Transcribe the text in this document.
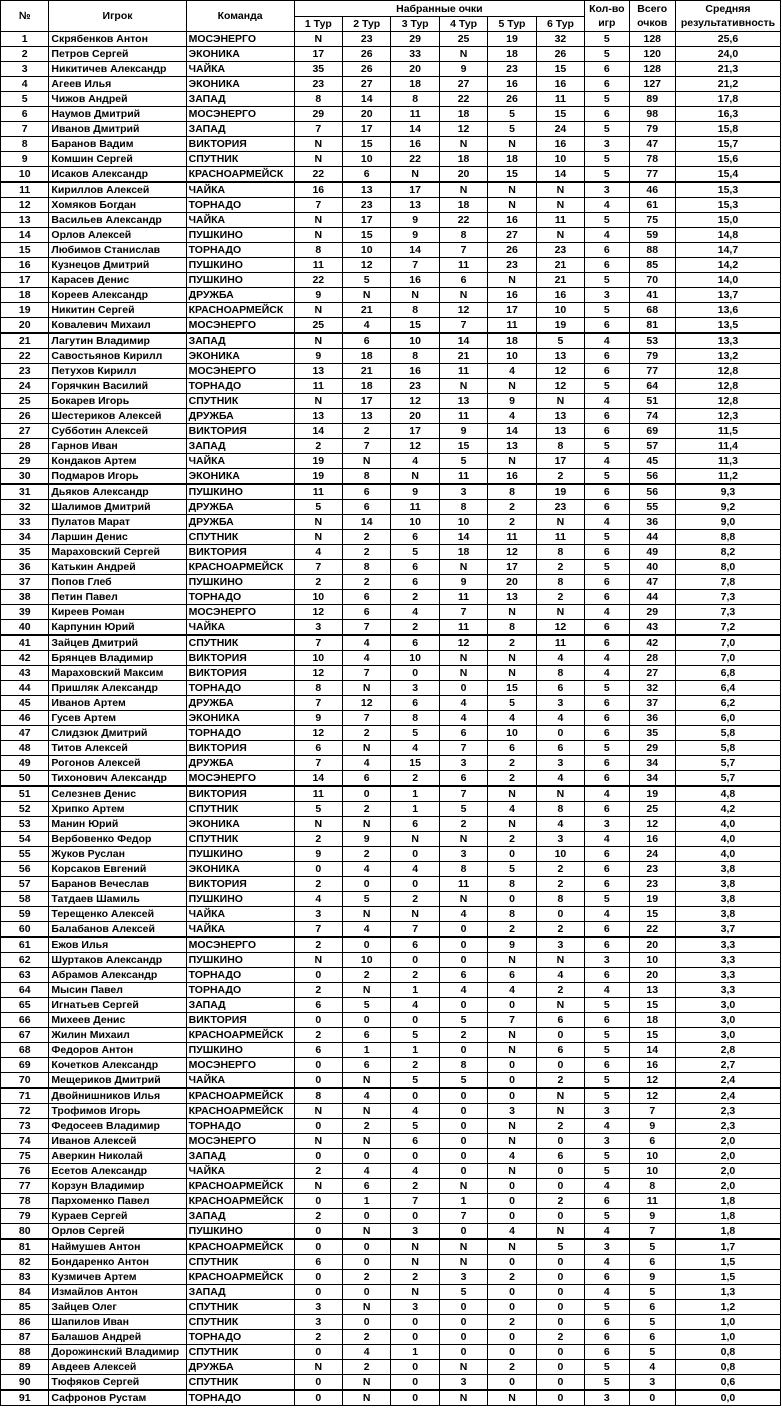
№	Игрок	Команда	Набранные очки						Кол-во игр	Всего очков	Средняя результативность
			1 Тур	2 Тур	3 Тур	4 Тур	5 Тур	6 Тур			
1	Скрябенков Антон	МОСЭНЕРГО	N	23	29	25	19	32	5	128	25,6
2	Петров Сергей	ЭКОНИКА	17	26	33	N	18	26	5	120	24,0
3	Никитичев Александр	ЧАЙКА	35	26	20	9	23	15	6	128	21,3
4	Агеев Илья	ЭКОНИКА	23	27	18	27	16	16	6	127	21,2
5	Чижов Андрей	ЗАПАД	8	14	8	22	26	11	5	89	17,8
6	Наумов Дмитрий	МОСЭНЕРГО	29	20	11	18	5	15	6	98	16,3
7	Иванов Дмитрий	ЗАПАД	7	17	14	12	5	24	5	79	15,8
8	Баранов Вадим	ВИКТОРИЯ	N	15	16	N	N	16	3	47	15,7
9	Комшин Сергей	СПУТНИК	N	10	22	18	18	10	5	78	15,6
10	Исаков Александр	КРАСНОАРМЕЙСК	22	6	N	20	15	14	5	77	15,4
11	Кириллов Алексей	ЧАЙКА	16	13	17	N	N	N	3	46	15,3
12	Хомяков Богдан	ТОРНАДО	7	23	13	18	N	N	4	61	15,3
13	Васильев Александр	ЧАЙКА	N	17	9	22	16	11	5	75	15,0
14	Орлов Алексей	ПУШКИНО	N	15	9	8	27	N	4	59	14,8
15	Любимов Станислав	ТОРНАДО	8	10	14	7	26	23	6	88	14,7
16	Кузнецов Дмитрий	ПУШКИНО	11	12	7	11	23	21	6	85	14,2
17	Карасев Денис	ПУШКИНО	22	5	16	6	N	21	5	70	14,0
18	Кореев Александр	ДРУЖБА	9	N	N	N	16	16	3	41	13,7
19	Никитин Сергей	КРАСНОАРМЕЙСК	N	21	8	12	17	10	5	68	13,6
20	Ковалевич Михаил	МОСЭНЕРГО	25	4	15	7	11	19	6	81	13,5
21	Лагутин Владимир	ЗАПАД	N	6	10	14	18	5	4	53	13,3
22	Савостьянов Кирилл	ЭКОНИКА	9	18	8	21	10	13	6	79	13,2
23	Петухов Кирилл	МОСЭНЕРГО	13	21	16	11	4	12	6	77	12,8
24	Горячкин Василий	ТОРНАДО	11	18	23	N	N	12	5	64	12,8
25	Бокарев Игорь	СПУТНИК	N	17	12	13	9	N	4	51	12,8
26	Шестериков Алексей	ДРУЖБА	13	13	20	11	4	13	6	74	12,3
27	Субботин Алексей	ВИКТОРИЯ	14	2	17	9	14	13	6	69	11,5
28	Гарнов Иван	ЗАПАД	2	7	12	15	13	8	5	57	11,4
29	Кондаков Артем	ЧАЙКА	19	N	4	5	N	17	4	45	11,3
30	Подмаров Игорь	ЭКОНИКА	19	8	N	11	16	2	5	56	11,2
31	Дьяков Александр	ПУШКИНО	11	6	9	3	8	19	6	56	9,3
32	Шалимов Дмитрий	ДРУЖБА	5	6	11	8	2	23	6	55	9,2
33	Пулатов Марат	ДРУЖБА	N	14	10	10	2	N	4	36	9,0
34	Ларшин Денис	СПУТНИК	N	2	6	14	11	11	5	44	8,8
35	Мараховский Сергей	ВИКТОРИЯ	4	2	5	18	12	8	6	49	8,2
36	Катькин Андрей	КРАСНОАРМЕЙСК	7	8	6	N	17	2	5	40	8,0
37	Попов Глеб	ПУШКИНО	2	2	6	9	20	8	6	47	7,8
38	Петин Павел	ТОРНАДО	10	6	2	11	13	2	6	44	7,3
39	Киреев Роман	МОСЭНЕРГО	12	6	4	7	N	N	4	29	7,3
40	Карпунин Юрий	ЧАЙКА	3	7	2	11	8	12	6	43	7,2
41	Зайцев Дмитрий	СПУТНИК	7	4	6	12	2	11	6	42	7,0
42	Брянцев Владимир	ВИКТОРИЯ	10	4	10	N	N	4	4	28	7,0
43	Мараховский Максим	ВИКТОРИЯ	12	7	0	N	N	8	4	27	6,8
44	Пришляк Александр	ТОРНАДО	8	N	3	0	15	6	5	32	6,4
45	Иванов Артем	ДРУЖБА	7	12	6	4	5	3	6	37	6,2
46	Гусев Артем	ЭКОНИКА	9	7	8	4	4	4	6	36	6,0
47	Слидзюк Дмитрий	ТОРНАДО	12	2	5	6	10	0	6	35	5,8
48	Титов Алексей	ВИКТОРИЯ	6	N	4	7	6	6	5	29	5,8
49	Рогонов Алексей	ДРУЖБА	7	4	15	3	2	3	6	34	5,7
50	Тихонович Александр	МОСЭНЕРГО	14	6	2	6	2	4	6	34	5,7
51	Селезнев Денис	ВИКТОРИЯ	11	0	1	7	N	N	4	19	4,8
52	Хрипко Артем	СПУТНИК	5	2	1	5	4	8	6	25	4,2
53	Манин Юрий	ЭКОНИКА	N	N	6	2	N	4	3	12	4,0
54	Вербовенко Федор	СПУТНИК	2	9	N	N	2	3	4	16	4,0
55	Жуков Руслан	ПУШКИНО	9	2	0	3	0	10	6	24	4,0
56	Корсаков Евгений	ЭКОНИКА	0	4	4	8	5	2	6	23	3,8
57	Баранов Вечеслав	ВИКТОРИЯ	2	0	0	11	8	2	6	23	3,8
58	Татдаев Шамиль	ПУШКИНО	4	5	2	N	0	8	5	19	3,8
59	Терещенко Алексей	ЧАЙКА	3	N	N	4	8	0	4	15	3,8
60	Балабанов Алексей	ЧАЙКА	7	4	7	0	2	2	6	22	3,7
61	Ежов Илья	МОСЭНЕРГО	2	0	6	0	9	3	6	20	3,3
62	Шуртаков Александр	ПУШКИНО	N	10	0	0	N	N	3	10	3,3
63	Абрамов Александр	ТОРНАДО	0	2	2	6	6	4	6	20	3,3
64	Мысин Павел	ТОРНАДО	2	N	1	4	4	2	4	13	3,3
65	Игнатьев Сергей	ЗАПАД	6	5	4	0	0	N	5	15	3,0
66	Михеев Денис	ВИКТОРИЯ	0	0	0	5	7	6	6	18	3,0
67	Жилин Михаил	КРАСНОАРМЕЙСК	2	6	5	2	N	0	5	15	3,0
68	Федоров Антон	ПУШКИНО	6	1	1	0	N	6	5	14	2,8
69	Кочетков Александр	МОСЭНЕРГО	0	6	2	8	0	0	6	16	2,7
70	Мещериков Дмитрий	ЧАЙКА	0	N	5	5	0	2	5	12	2,4
71	Двойнишников Илья	КРАСНОАРМЕЙСК	8	4	0	0	0	N	5	12	2,4
72	Трофимов Игорь	КРАСНОАРМЕЙСК	N	N	4	0	3	N	3	7	2,3
73	Федосеев Владимир	ТОРНАДО	0	2	5	0	N	2	4	9	2,3
74	Иванов Алексей	МОСЭНЕРГО	N	N	6	0	N	0	3	6	2,0
75	Аверкин Николай	ЗАПАД	0	0	0	0	4	6	5	10	2,0
76	Есетов Александр	ЧАЙКА	2	4	4	0	N	0	5	10	2,0
77	Корзун Владимир	КРАСНОАРМЕЙСК	N	6	2	N	0	0	4	8	2,0
78	Пархоменко Павел	КРАСНОАРМЕЙСК	0	1	7	1	0	2	6	11	1,8
79	Кураев Сергей	ЗАПАД	2	0	0	7	0	0	5	9	1,8
80	Орлов Сергей	ПУШКИНО	0	N	3	0	4	N	4	7	1,8
81	Наймушев Антон	КРАСНОАРМЕЙСК	0	0	N	N	N	5	3	5	1,7
82	Бондаренко Антон	СПУТНИК	6	0	N	N	0	0	4	6	1,5
83	Кузмичев Артем	КРАСНОАРМЕЙСК	0	2	2	3	2	0	6	9	1,5
84	Измайлов Антон	ЗАПАД	0	0	N	5	0	0	4	5	1,3
85	Зайцев Олег	СПУТНИК	3	N	3	0	0	0	5	6	1,2
86	Шапилов Иван	СПУТНИК	3	0	0	0	2	0	6	5	1,0
87	Балашов Андрей	ТОРНАДО	2	2	0	0	0	2	6	6	1,0
88	Дорожинский Владимир	СПУТНИК	0	4	1	0	0	0	6	5	0,8
89	Авдеев Алексей	ДРУЖБА	N	2	0	N	2	0	5	4	0,8
90	Тюфяков Сергей	СПУТНИК	0	N	0	3	0	0	5	3	0,6
91	Сафронов Рустам	ТОРНАДО	0	N	0	N	N	0	3	0	0,0
